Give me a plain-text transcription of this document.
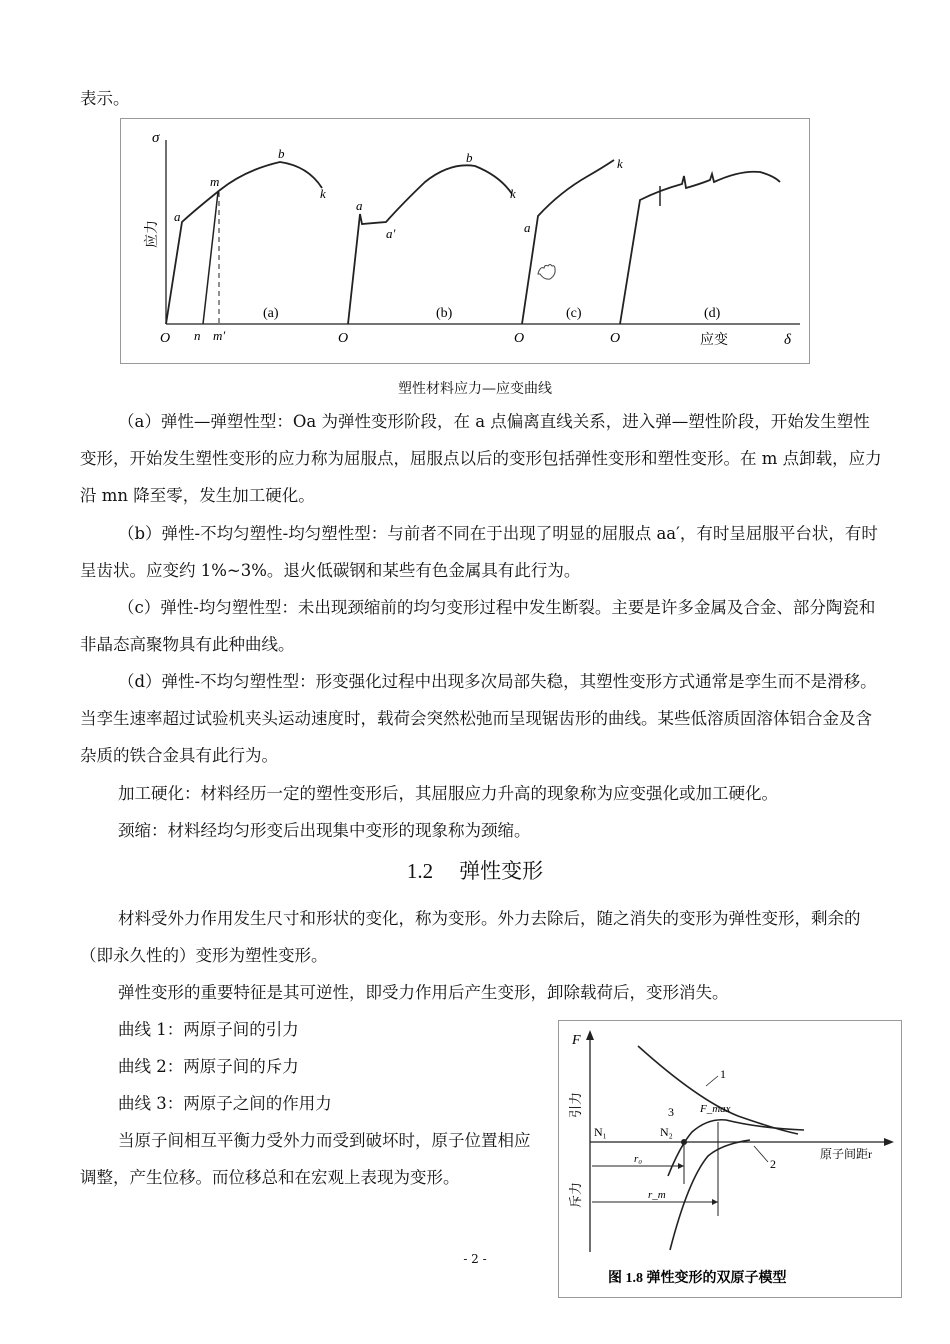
表示。

σ
应力
应变	δ
O
a
m
b
k
n m′
(a)
O
a
a′
b
k
(b)
O
a
k
(c)
O
(d)
塑性材料应力—应变曲线

（a）弹性—弹塑性型：Oa 为弹性变形阶段，在 a 点偏离直线关系，进入弹—塑性阶段，开始发生塑性变形，开始发生塑性变形的应力称为屈服点，屈服点以后的变形包括弹性变形和塑性变形。在 m 点卸载，应力沿 mn 降至零，发生加工硬化。

（b）弹性-不均匀塑性-均匀塑性型：与前者不同在于出现了明显的屈服点 aa′，有时呈屈服平台状，有时呈齿状。应变约 1%~3%。退火低碳钢和某些有色金属具有此行为。

（c）弹性-均匀塑性型：未出现颈缩前的均匀变形过程中发生断裂。主要是许多金属及合金、部分陶瓷和非晶态高聚物具有此种曲线。

（d）弹性-不均匀塑性型：形变强化过程中出现多次局部失稳，其塑性变形方式通常是孪生而不是滑移。当孪生速率超过试验机夹头运动速度时，载荷会突然松弛而呈现锯齿形的曲线。某些低溶质固溶体铝合金及含杂质的铁合金具有此行为。

加工硬化：材料经历一定的塑性变形后，其屈服应力升高的现象称为应变强化或加工硬化。

颈缩：材料经均匀形变后出现集中变形的现象称为颈缩。

1.2 弹性变形

材料受外力作用发生尺寸和形状的变化，称为变形。外力去除后，随之消失的变形为弹性变形，剩余的（即永久性的）变形为塑性变形。

弹性变形的重要特征是其可逆性，即受力作用后产生变形，卸除载荷后，变形消失。

曲线 1：两原子间的引力

曲线 2：两原子间的斥力

曲线 3：两原子之间的作用力

当原子间相互平衡力受外力而受到破坏时，原子位置相应调整，产生位移。而位移总和在宏观上表现为变形。

F
引力
斥力
原子间距r
N₁	N₂
r₀
r_m
F_max
1
2
3
图 1.8 弹性变形的双原子模型
- 2 -
